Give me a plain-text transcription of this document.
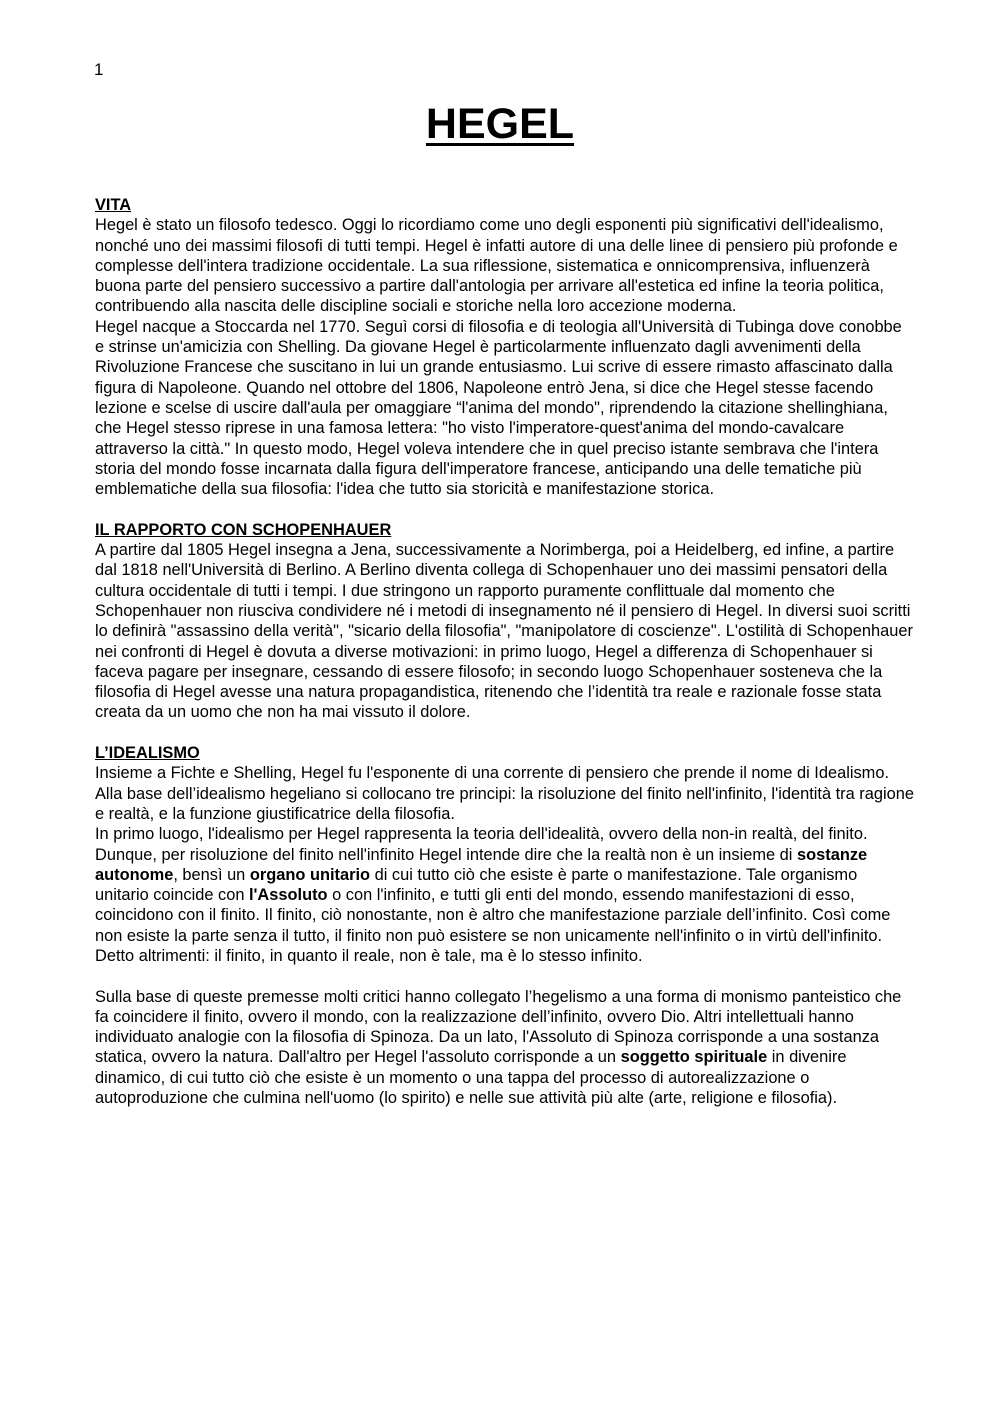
1
HEGEL
VITA

Hegel è stato un filosofo tedesco. Oggi lo ricordiamo come uno degli esponenti più significativi dell'idealismo, nonché uno dei massimi filosofi di tutti tempi. Hegel è infatti autore di una delle linee di pensiero più profonde e complesse dell'intera tradizione occidentale. La sua riflessione, sistematica e onnicomprensiva, influenzerà buona parte del pensiero successivo a partire dall'antologia per arrivare all'estetica ed infine la teoria politica, contribuendo alla nascita delle discipline sociali e storiche nella loro accezione moderna.

Hegel nacque a Stoccarda nel 1770. Seguì corsi di filosofia e di teologia all'Università di Tubinga dove conobbe e strinse un'amicizia con Shelling. Da giovane Hegel è particolarmente influenzato dagli avvenimenti della Rivoluzione Francese che suscitano in lui un grande entusiasmo. Lui scrive di essere rimasto affascinato dalla figura di Napoleone. Quando nel ottobre del 1806, Napoleone entrò Jena, si dice che Hegel stesse facendo lezione e scelse di uscire dall'aula per omaggiare “l'anima del mondo", riprendendo la citazione shellinghiana, che Hegel stesso riprese in una famosa lettera: "ho visto l'imperatore-quest'anima del mondo-cavalcare attraverso la città." In questo modo, Hegel voleva intendere che in quel preciso istante sembrava che l'intera storia del mondo fosse incarnata dalla figura dell'imperatore francese, anticipando una delle tematiche più emblematiche della sua filosofia: l'idea che tutto sia storicità e manifestazione storica.

IL RAPPORTO CON SCHOPENHAUER

A partire dal 1805 Hegel insegna a Jena, successivamente a Norimberga, poi a Heidelberg, ed infine, a partire dal 1818 nell'Università di Berlino. A Berlino diventa collega di Schopenhauer uno dei massimi pensatori della cultura occidentale di tutti i tempi. I due stringono un rapporto puramente conflittuale dal momento che Schopenhauer non riusciva condividere né i metodi di insegnamento né il pensiero di Hegel. In diversi suoi scritti lo definirà "assassino della verità", "sicario della filosofia", "manipolatore di coscienze". L'ostilità di Schopenhauer nei confronti di Hegel è dovuta a diverse motivazioni: in primo luogo, Hegel a differenza di Schopenhauer si faceva pagare per insegnare, cessando di essere filosofo; in secondo luogo Schopenhauer sosteneva che la filosofia di Hegel avesse una natura propagandistica, ritenendo che l’identità tra reale e razionale fosse stata creata da un uomo che non ha mai vissuto il dolore.

L’IDEALISMO

Insieme a Fichte e Shelling, Hegel fu l'esponente di una corrente di pensiero che prende il nome di Idealismo. Alla base dell’idealismo hegeliano si collocano tre principi: la risoluzione del finito nell'infinito, l'identità tra ragione e realtà, e la funzione giustificatrice della filosofia.

In primo luogo, l'idealismo per Hegel rappresenta la teoria dell'idealità, ovvero della non-in realtà, del finito. Dunque, per risoluzione del finito nell'infinito Hegel intende dire che la realtà non è un insieme di sostanze autonome, bensì un organo unitario di cui tutto ciò che esiste è parte o manifestazione. Tale organismo unitario coincide con l'Assoluto o con l'infinito, e tutti gli enti del mondo, essendo manifestazioni di esso, coincidono con il finito. Il finito, ciò nonostante, non è altro che manifestazione parziale dell’infinito. Così come non esiste la parte senza il tutto, il finito non può esistere se non unicamente nell'infinito o in virtù dell'infinito. Detto altrimenti: il finito, in quanto il reale, non è tale, ma è lo stesso infinito.

Sulla base di queste premesse molti critici hanno collegato l’hegelismo a una forma di monismo panteistico che fa coincidere il finito, ovvero il mondo, con la realizzazione dell’infinito, ovvero Dio. Altri intellettuali hanno individuato analogie con la filosofia di Spinoza. Da un lato, l'Assoluto di Spinoza corrisponde a una sostanza statica, ovvero la natura. Dall'altro per Hegel l'assoluto corrisponde a un soggetto spirituale in divenire dinamico, di cui tutto ciò che esiste è un momento o una tappa del processo di autorealizzazione o autoproduzione che culmina nell'uomo (lo spirito) e nelle sue attività più alte (arte, religione e filosofia).
